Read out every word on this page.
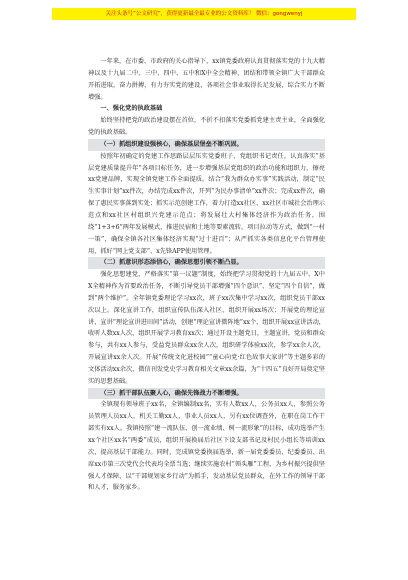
关注头条号“公文研究”，获得更新最全最专业的公文资料库！ 微信：gongwenyj

一年来，在市委、市政府的关心指导下，xx镇党委政府认真贯彻落实党的十九大精神以及十九届二中、三中、四中、五中和X中全会精神，团结和带领全镇广大干部群众开拓进取，奋力拼搏，有力夯实党的建设，各项社会事业取得长足发展，综合实力不断增强。

一、强化党的执政基础

始终坚持把党的政治建设摆在首位，不折不扣落实党委抓党建主责主业，全面强化党的执政基础。

（一）抓组织建设强核心，确保基层堡垒不断巩固。

按照年初确定的党建工作思路层层压实党委班子、党组织书记责任，认真落实“基层党建质量提升年”各项目标任务，进一步增强基层党组织的政治功能和组织力，擦亮xx党建品牌，实现全镇党建工作全面提质。结合“我为群众办实事”实践活动，制定“民生实事计划”xx件次，办结完成xx件次，开列“为民办事清单”xx件次；完成xx件次，确保了惠民实事落到实处；抓实示范创建工作，着力打造xx社区、xx社区市城社会治理示范点和xx社区村组织兴党建示范点；将发展壮大村集体经济作为政治任务，围绕“1+3+6”两年发展模式，推进民宿和土地等要素流转，项目拉动等方式，做到“一村一策”，确保全镇各社区集体经济实现“过十进百”；从严抓实各类信息化平台管理使用，抓好“网上党支部”、x先锋APP使用管理。

（二）抓意识形态添信心，确保思想引领不断凸显。

强化思想建党，严格落实“第一议题”制度，始终把学习贯彻党的十九届五中、X中X全精神作为首要政治任务，不断引导党员干部增强“四个意识”、坚定“四个自信”，做到“两个维护”。全年镇党委理论学习xx次，班子xx次集中学习xx次，组织党员干部xx次以上。深化宣讲工作，组织宣传队伍深入社区、组织开展xx场次；开展党的理论宣讲，宣讲“理论宣讲进田间”活动，创建“理论宣讲微阵地”xx个，组织开展xx宣讲活动，收听人数xx人次，组织开展学习教育xx次；通过开设主题党日，主题宣讲，党员和群众参与，共有xx人参与，受益党员群众xx余人次，组织研学体验xx次，参学xx余人次，开展宣讲xx余人次。开展“传统文化进校园”“童心向党·红色故事大家讲”等主题多彩的文体活动xx余次，微信刊发党史学习教育相关文章xx余篇，为“十四五”良好开局奠定坚实的思想基础。

（三）抓干部队伍聚人心，确保先锋战力不断增强。

全镇现有领导班子xx名，全镇编制xx名，实有人数xx人，公务员xx人，参照公务员管理人员xx人，机关工勤xx人，事业人员xx人，另有xx位调查外，在职在岗工作干部实有xx人。我镇按照“建一流队伍、创一流业绩、树一流形象”的目标，成功选举产生xx个社区xx名“两委”成员，组织开展换届后社区下设支部书记及村民小组长等培训xx次，提高基层干部能力。同时，完成镇党委换届选举，新一届党委委员、纪委委员、出席xx市第三次党代会代表均全票当选；继续实施农村“领头雁”工程，为乡村振兴提供坚强人才保障，以“干部规划家乡行动”为抓手，发动基层党员群众，在外工作的领导干部和人才，服务家乡。
